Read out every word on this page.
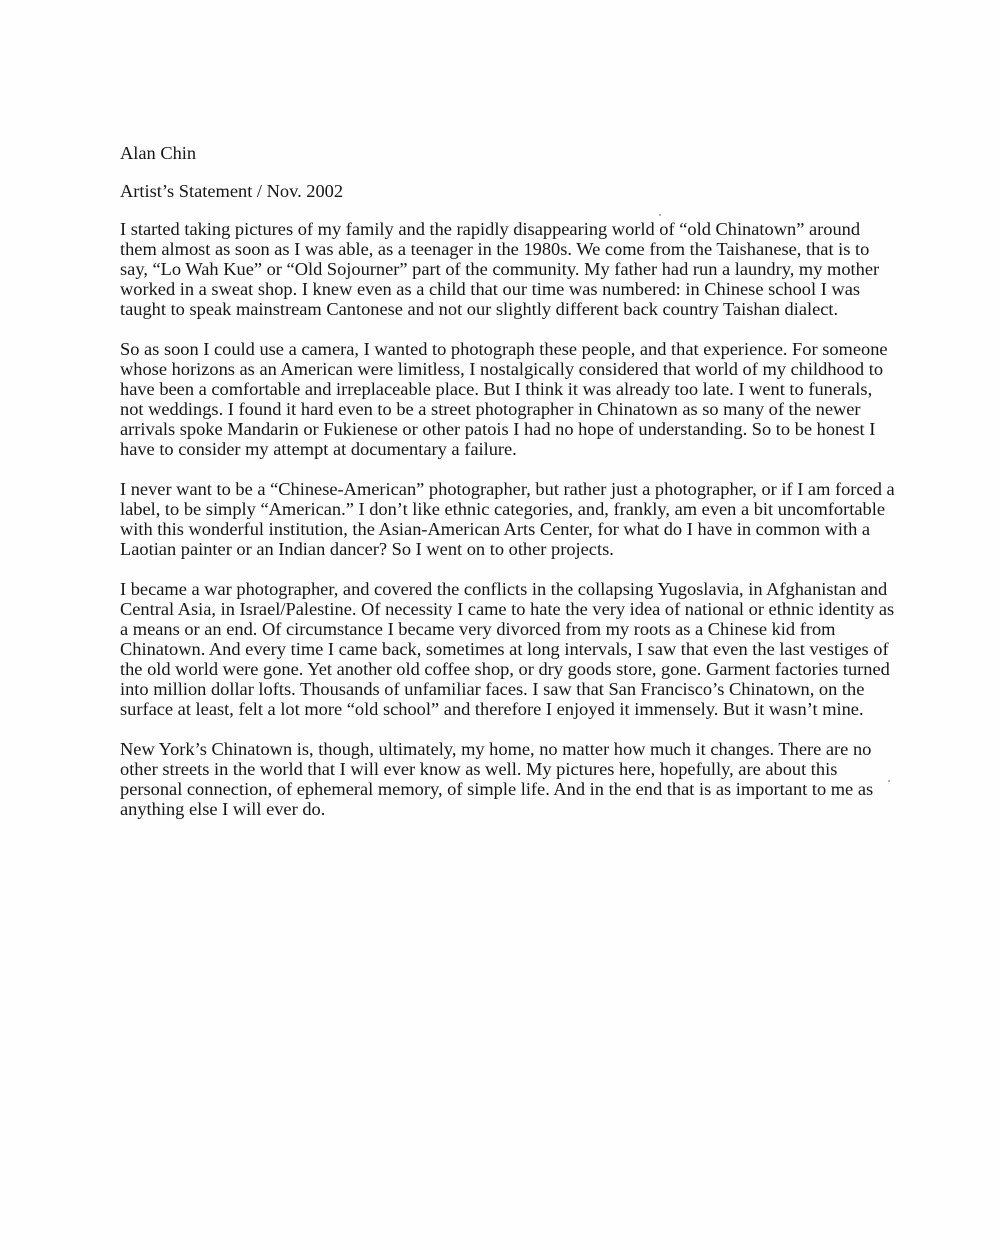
Alan Chin

Artist’s Statement / Nov. 2002

I started taking pictures of my family and the rapidly disappearing world of “old Chinatown” around them almost as soon as I was able, as a teenager in the 1980s. We come from the Taishanese, that is to say, “Lo Wah Kue” or “Old Sojourner” part of the community. My father had run a laundry, my mother worked in a sweat shop. I knew even as a child that our time was numbered: in Chinese school I was taught to speak mainstream Cantonese and not our slightly different back country Taishan dialect.

So as soon I could use a camera, I wanted to photograph these people, and that experience. For someone whose horizons as an American were limitless, I nostalgically considered that world of my childhood to have been a comfortable and irreplaceable place. But I think it was already too late. I went to funerals, not weddings. I found it hard even to be a street photographer in Chinatown as so many of the newer arrivals spoke Mandarin or Fukienese or other patois I had no hope of understanding. So to be honest I have to consider my attempt at documentary a failure.

I never want to be a “Chinese-American” photographer, but rather just a photographer, or if I am forced a label, to be simply “American.” I don’t like ethnic categories, and, frankly, am even a bit uncomfortable with this wonderful institution, the Asian-American Arts Center, for what do I have in common with a Laotian painter or an Indian dancer? So I went on to other projects.

I became a war photographer, and covered the conflicts in the collapsing Yugoslavia, in Afghanistan and Central Asia, in Israel/Palestine. Of necessity I came to hate the very idea of national or ethnic identity as a means or an end. Of circumstance I became very divorced from my roots as a Chinese kid from Chinatown. And every time I came back, sometimes at long intervals, I saw that even the last vestiges of the old world were gone. Yet another old coffee shop, or dry goods store, gone. Garment factories turned into million dollar lofts. Thousands of unfamiliar faces. I saw that San Francisco’s Chinatown, on the surface at least, felt a lot more “old school” and therefore I enjoyed it immensely. But it wasn’t mine.

New York’s Chinatown is, though, ultimately, my home, no matter how much it changes. There are no other streets in the world that I will ever know as well. My pictures here, hopefully, are about this personal connection, of ephemeral memory, of simple life. And in the end that is as important to me as anything else I will ever do.
